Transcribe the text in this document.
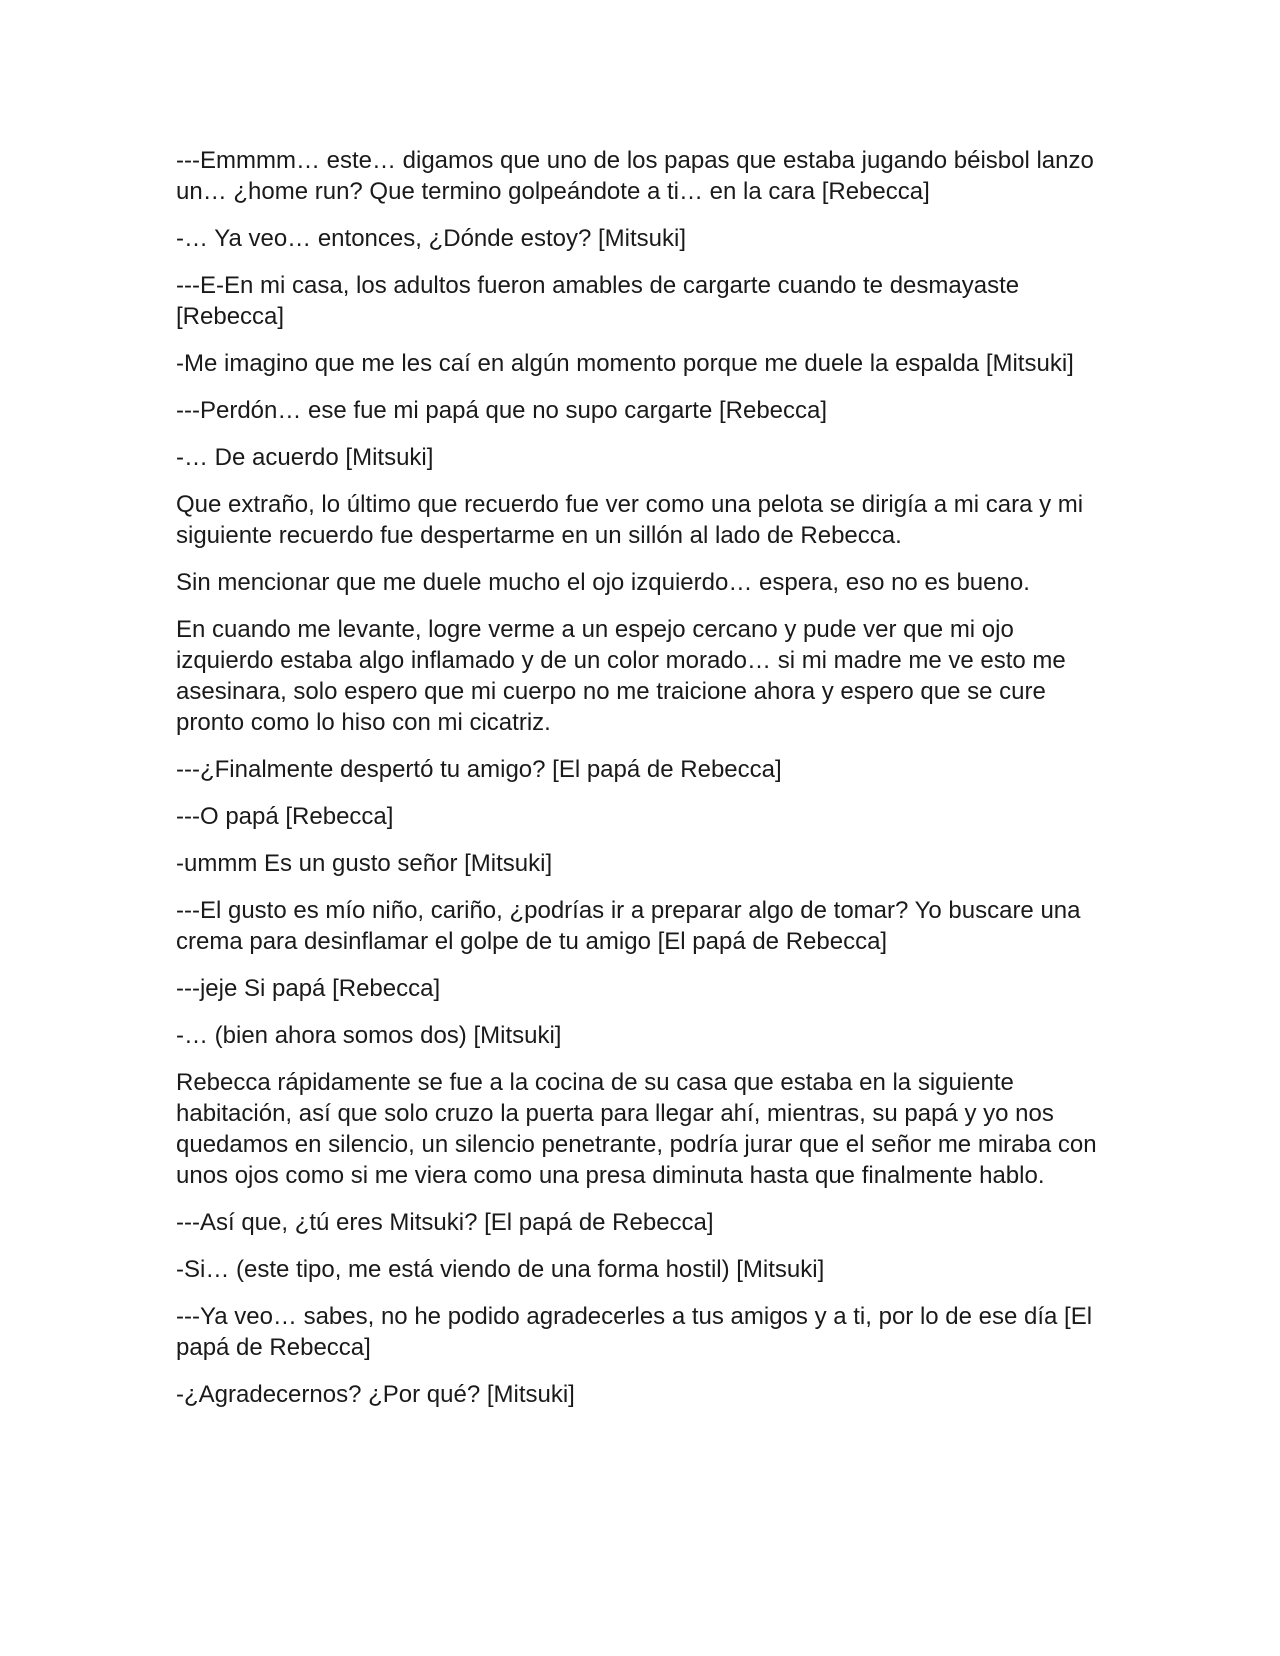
---Emmmm… este… digamos que uno de los papas que estaba jugando béisbol lanzo un… ¿home run? Que termino golpeándote a ti… en la cara [Rebecca]

-… Ya veo… entonces, ¿Dónde estoy? [Mitsuki]

---E-En mi casa, los adultos fueron amables de cargarte cuando te desmayaste [Rebecca]

-Me imagino que me les caí en algún momento porque me duele la espalda [Mitsuki]

---Perdón… ese fue mi papá que no supo cargarte [Rebecca]

-… De acuerdo [Mitsuki]

Que extraño, lo último que recuerdo fue ver como una pelota se dirigía a mi cara y mi siguiente recuerdo fue despertarme en un sillón al lado de Rebecca.

Sin mencionar que me duele mucho el ojo izquierdo… espera, eso no es bueno.

En cuando me levante, logre verme a un espejo cercano y pude ver que mi ojo izquierdo estaba algo inflamado y de un color morado… si mi madre me ve esto me asesinara, solo espero que mi cuerpo no me traicione ahora y espero que se cure pronto como lo hiso con mi cicatriz.

---¿Finalmente despertó tu amigo? [El papá de Rebecca]

---O papá [Rebecca]

-ummm Es un gusto señor [Mitsuki]

---El gusto es mío niño, cariño, ¿podrías ir a preparar algo de tomar? Yo buscare una crema para desinflamar el golpe de tu amigo [El papá de Rebecca]

---jeje Si papá [Rebecca]

-… (bien ahora somos dos) [Mitsuki]

Rebecca rápidamente se fue a la cocina de su casa que estaba en la siguiente habitación, así que solo cruzo la puerta para llegar ahí, mientras, su papá y yo nos quedamos en silencio, un silencio penetrante, podría jurar que el señor me miraba con unos ojos como si me viera como una presa diminuta hasta que finalmente hablo.

---Así que, ¿tú eres Mitsuki? [El papá de Rebecca]

-Si… (este tipo, me está viendo de una forma hostil) [Mitsuki]

---Ya veo… sabes, no he podido agradecerles a tus amigos y a ti, por lo de ese día [El papá de Rebecca]

-¿Agradecernos? ¿Por qué? [Mitsuki]
